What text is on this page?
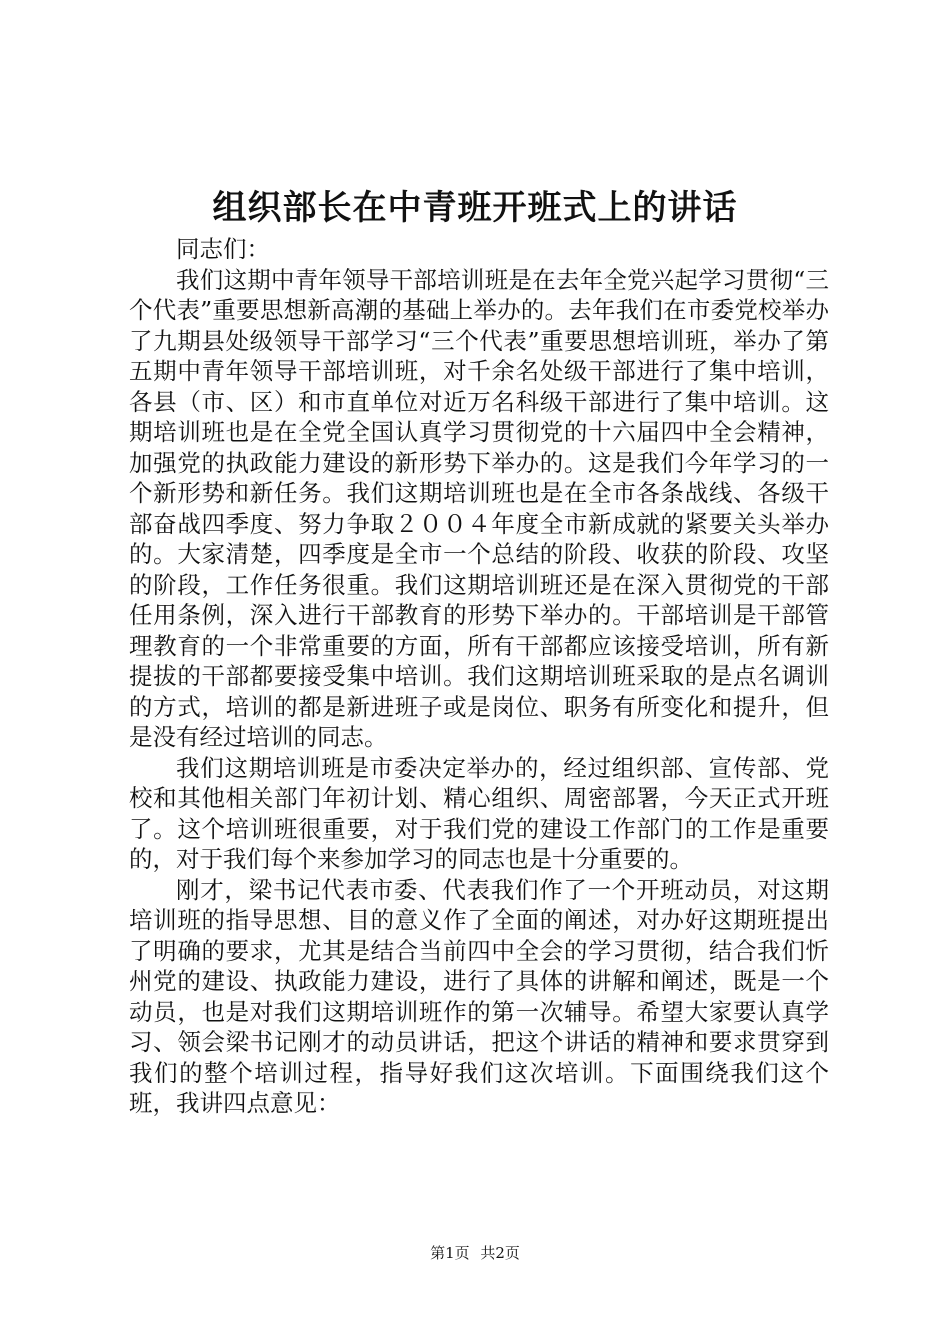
组织部长在中青班开班式上的讲话

同志们：

我们这期中青年领导干部培训班是在去年全党兴起学习贯彻“三个代表”重要思想新高潮的基础上举办的。去年我们在市委党校举办了九期县处级领导干部学习“三个代表”重要思想培训班，举办了第五期中青年领导干部培训班，对千余名处级干部进行了集中培训，各县（市、区）和市直单位对近万名科级干部进行了集中培训。这期培训班也是在全党全国认真学习贯彻党的十六届四中全会精神，加强党的执政能力建设的新形势下举办的。这是我们今年学习的一个新形势和新任务。我们这期培训班也是在全市各条战线、各级干部奋战四季度、努力争取２００４年度全市新成就的紧要关头举办的。大家清楚，四季度是全市一个总结的阶段、收获的阶段、攻坚的阶段，工作任务很重。我们这期培训班还是在深入贯彻党的干部任用条例，深入进行干部教育的形势下举办的。干部培训是干部管理教育的一个非常重要的方面，所有干部都应该接受培训，所有新提拔的干部都要接受集中培训。我们这期培训班采取的是点名调训的方式，培训的都是新进班子或是岗位、职务有所变化和提升，但是没有经过培训的同志。

我们这期培训班是市委决定举办的，经过组织部、宣传部、党校和其他相关部门年初计划、精心组织、周密部署，今天正式开班了。这个培训班很重要，对于我们党的建设工作部门的工作是重要的，对于我们每个来参加学习的同志也是十分重要的。

刚才，梁书记代表市委、代表我们作了一个开班动员，对这期培训班的指导思想、目的意义作了全面的阐述，对办好这期班提出了明确的要求，尤其是结合当前四中全会的学习贯彻，结合我们忻州党的建设、执政能力建设，进行了具体的讲解和阐述，既是一个动员，也是对我们这期培训班作的第一次辅导。希望大家要认真学习、领会梁书记刚才的动员讲话，把这个讲话的精神和要求贯穿到我们的整个培训过程，指导好我们这次培训。下面围绕我们这个班，我讲四点意见：

第1页 共2页
